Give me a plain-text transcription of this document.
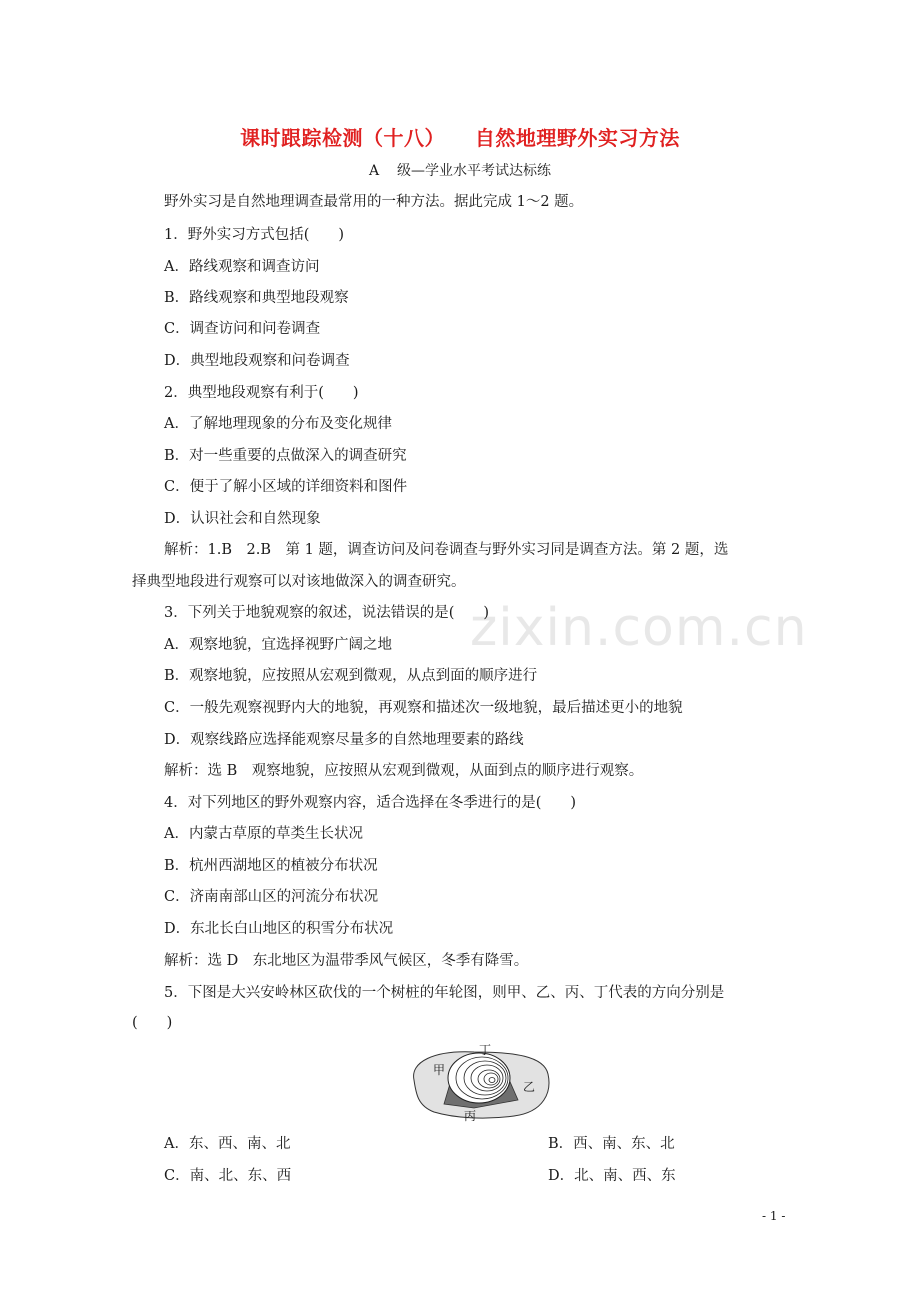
课时跟踪检测（十八）    自然地理野外实习方法
A    级—学业水平考试达标练
野外实习是自然地理调查最常用的一种方法。据此完成 1～2 题。
1．野外实习方式包括(　　)
A．路线观察和调查访问
B．路线观察和典型地段观察
C．调查访问和问卷调查
D．典型地段观察和问卷调查
2．典型地段观察有利于(　　)
A．了解地理现象的分布及变化规律
B．对一些重要的点做深入的调查研究
C．便于了解小区域的详细资料和图件
D．认识社会和自然现象
解析：1.B　2.B　第 1 题，调查访问及问卷调查与野外实习同是调查方法。第 2 题，选
择典型地段进行观察可以对该地做深入的调查研究。
zixin.com.cn
3．下列关于地貌观察的叙述，说法错误的是(　　)
A．观察地貌，宜选择视野广阔之地
B．观察地貌，应按照从宏观到微观，从点到面的顺序进行
C．一般先观察视野内大的地貌，再观察和描述次一级地貌，最后描述更小的地貌
D．观察线路应选择能观察尽量多的自然地理要素的路线
解析：选 B　观察地貌，应按照从宏观到微观，从面到点的顺序进行观察。
4．对下列地区的野外观察内容，适合选择在冬季进行的是(　　)
A．内蒙古草原的草类生长状况
B．杭州西湖地区的植被分布状况
C．济南南部山区的河流分布状况
D．东北长白山地区的积雪分布状况
解析：选 D　东北地区为温带季风气候区，冬季有降雪。
5．下图是大兴安岭林区砍伐的一个树桩的年轮图，则甲、乙、丙、丁代表的方向分别是
(　　)
丁
甲
乙
丙
A．东、西、南、北	B．西、南、东、北
C．南、北、东、西	D．北、南、西、东
- 1 -
